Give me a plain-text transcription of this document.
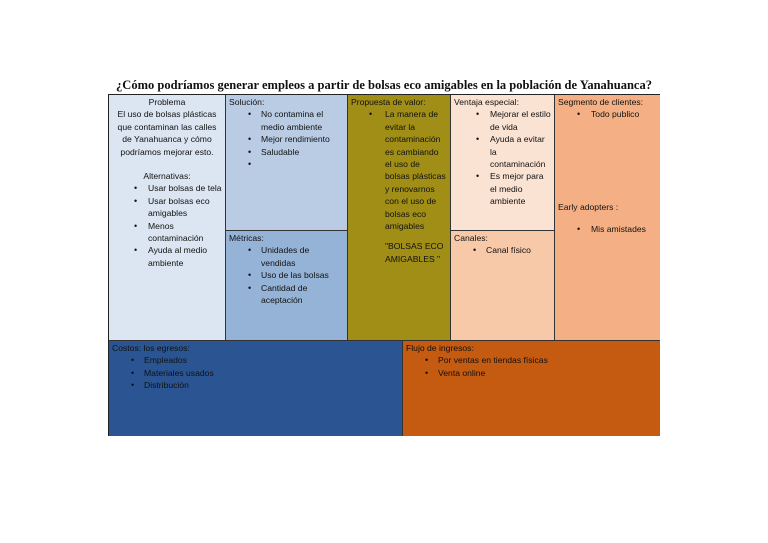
¿Cómo podríamos generar empleos a partir de bolsas eco amigables en la población de Yanahuanca?
Problema
El uso de bolsas plásticas que contaminan las calles de Yanahuanca y cómo podríamos mejorar esto.
Alternativas:
• Usar bolsas de tela
• Usar bolsas eco amigables
• Menos contaminación
• Ayuda al medio ambiente
Solución:
• No contamina el medio ambiente
• Mejor rendimiento
• Saludable
Métricas:
• Unidades de vendidas
• Uso de las bolsas
• Cantidad de aceptación
Propuesta de valor:
• La manera de evitar la contaminación es cambiando el uso de bolsas plásticas y renovarnos con el uso de bolsas eco amigables
"BOLSAS ECO AMIGABLES "
Ventaja especial:
• Mejorar el estilo de vida
• Ayuda a evitar la contaminación
• Es mejor para el medio ambiente
Canales:
• Canal físico
Segmento de clientes:
• Todo publico
Early adopters :
• Mis amistades
Costos: los egresos:
• Empleados
• Materiales usados
• Distribución
Flujo de ingresos:
• Por ventas en tiendas físicas
• Venta online
